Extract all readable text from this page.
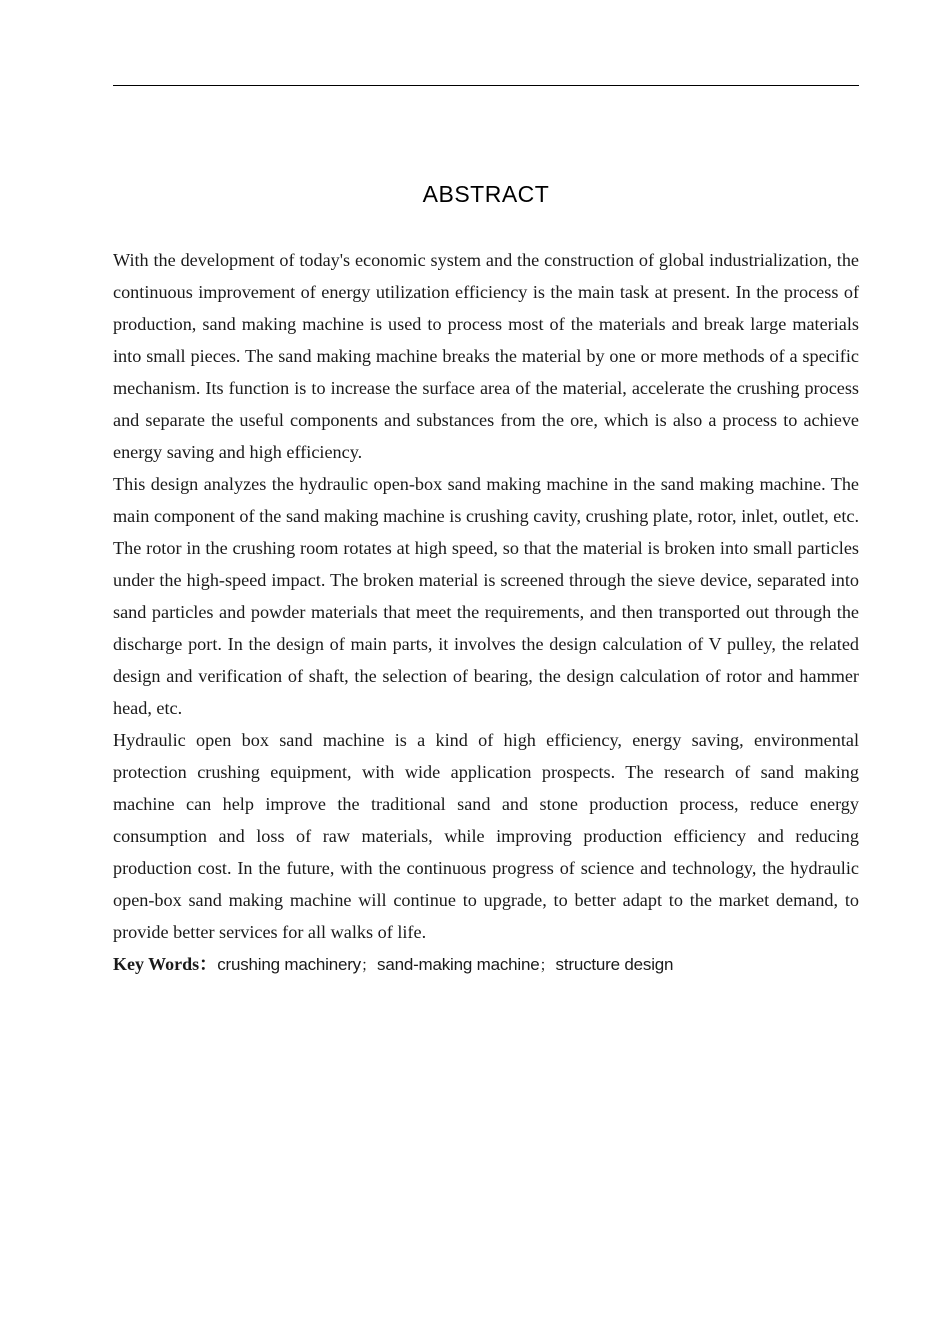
ABSTRACT

With the development of today's economic system and the construction of global industrialization, the continuous improvement of energy utilization efficiency is the main task at present. In the process of production, sand making machine is used to process most of the materials and break large materials into small pieces. The sand making machine breaks the material by one or more methods of a specific mechanism. Its function is to increase the surface area of the material, accelerate the crushing process and separate the useful components and substances from the ore, which is also a process to achieve energy saving and high efficiency.

This design analyzes the hydraulic open-box sand making machine in the sand making machine. The main component of the sand making machine is crushing cavity, crushing plate, rotor, inlet, outlet, etc. The rotor in the crushing room rotates at high speed, so that the material is broken into small particles under the high-speed impact. The broken material is screened through the sieve device, separated into sand particles and powder materials that meet the requirements, and then transported out through the discharge port. In the design of main parts, it involves the design calculation of V pulley, the related design and verification of shaft, the selection of bearing, the design calculation of rotor and hammer head, etc.

Hydraulic open box sand machine is a kind of high efficiency, energy saving, environmental protection crushing equipment, with wide application prospects. The research of sand making machine can help improve the traditional sand and stone production process, reduce energy consumption and loss of raw materials, while improving production efficiency and reducing production cost. In the future, with the continuous progress of science and technology, the hydraulic open-box sand making machine will continue to upgrade, to better adapt to the market demand, to provide better services for all walks of life.

Key Words：crushing machinery；sand-making machine；structure design
